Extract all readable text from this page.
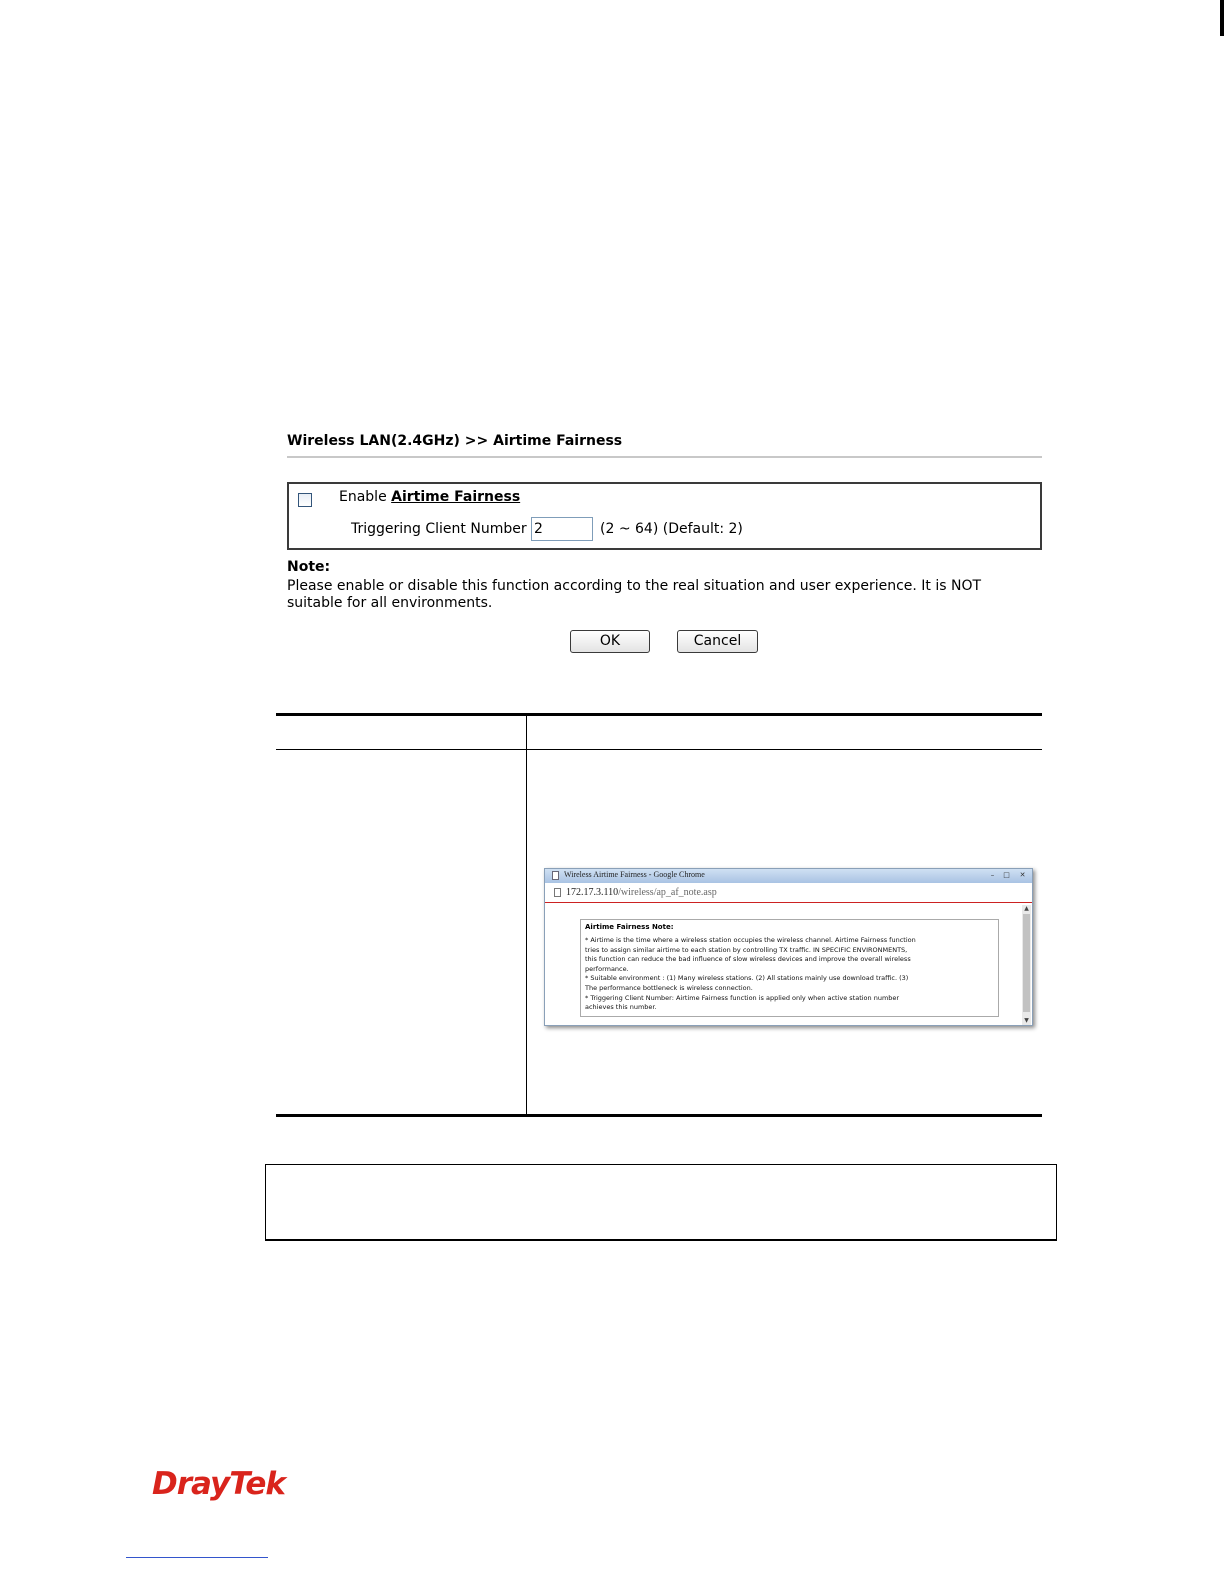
Wireless LAN(2.4GHz) >> Airtime Fairness
Enable Airtime Fairness
Triggering Client Number
2	(2 ~ 64) (Default: 2)
Note:
Please enable or disable this function according to the real situation and user experience. It is NOT suitable for all environments.
OK	Cancel
Wireless Airtime Fairness - Google Chrome	–	□	✕
172.17.3.110/wireless/ap_af_note.asp
▲
▼
Airtime Fairness Note:
* Airtime is the time where a wireless station occupies the wireless channel. Airtime Fairness function
tries to assign similar airtime to each station by controlling TX traffic. IN SPECIFIC ENVIRONMENTS,
this function can reduce the bad influence of slow wireless devices and improve the overall wireless
performance.
* Suitable environment : (1) Many wireless stations. (2) All stations mainly use download traffic. (3)
The performance bottleneck is wireless connection.
* Triggering Client Number: Airtime Fairness function is applied only when active station number
achieves this number.
DrayTek
